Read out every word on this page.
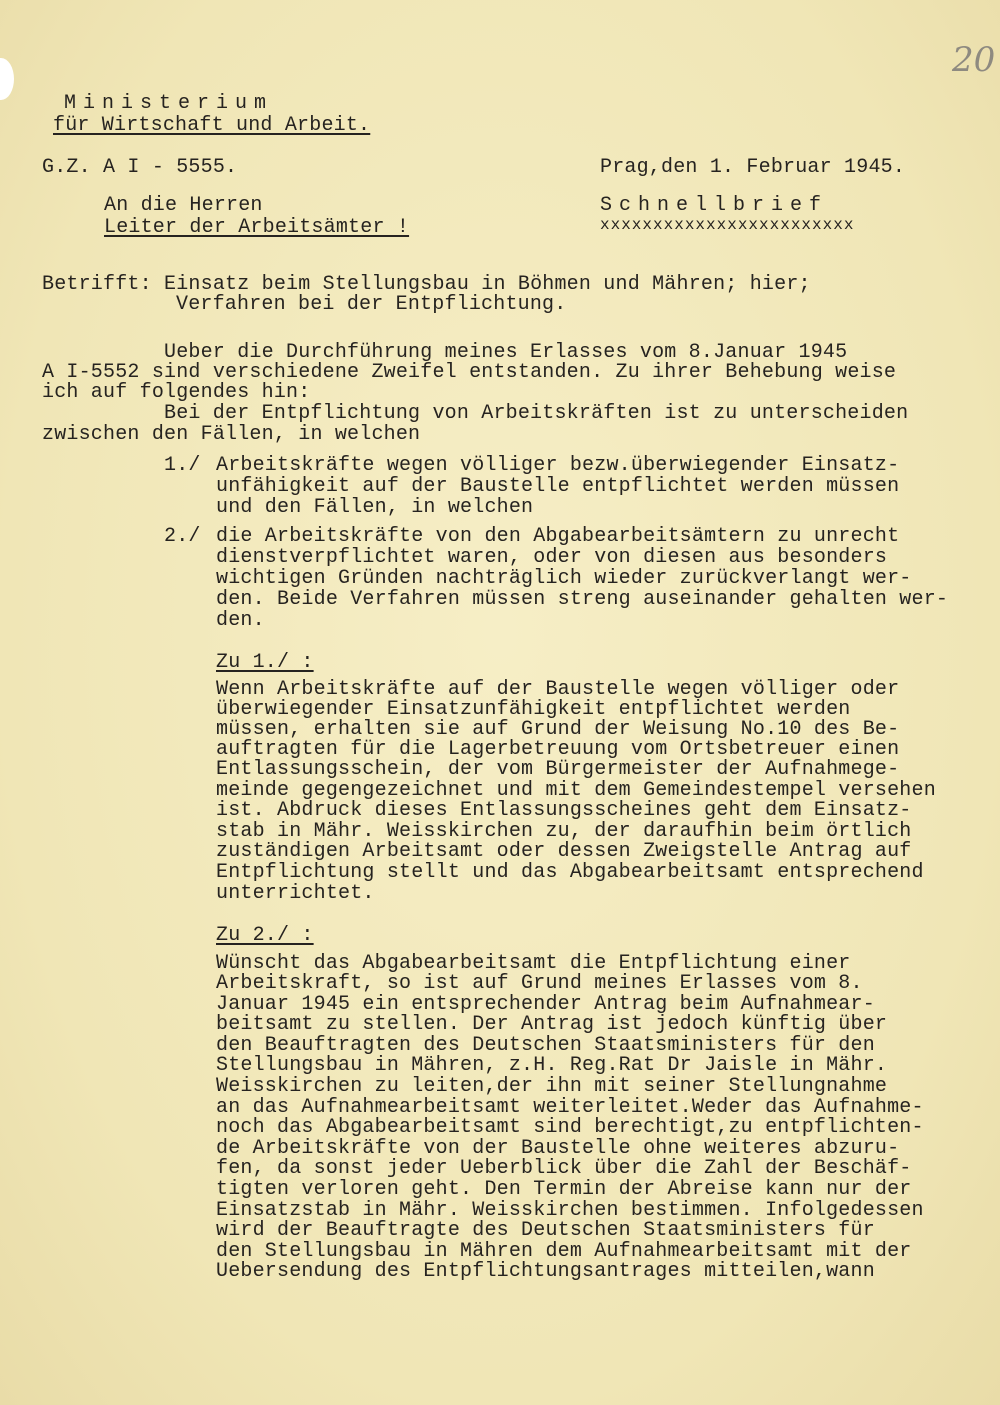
20
Ministerium
für Wirtschaft und Arbeit.
G.Z. A I - 5555.	Prag,den 1. Februar 1945.
An die Herren
Leiter der Arbeitsämter !
Schnellbrief
xxxxxxxxxxxxxxxxxxxxxxxx
Betrifft: Einsatz beim Stellungsbau in Böhmen und Mähren; hier;
Verfahren bei der Entpflichtung.
Ueber die Durchführung meines Erlasses vom 8.Januar 1945
A I-5552 sind verschiedene Zweifel entstanden. Zu ihrer Behebung weise
ich auf folgendes hin:
Bei der Entpflichtung von Arbeitskräften ist zu unterscheiden
zwischen den Fällen, in welchen
1./ Arbeitskräfte wegen völliger bezw.überwiegender Einsatz-
unfähigkeit auf der Baustelle entpflichtet werden müssen
und den Fällen, in welchen
2./ die Arbeitskräfte von den Abgabearbeitsämtern zu unrecht
dienstverpflichtet waren, oder von diesen aus besonders
wichtigen Gründen nachträglich wieder zurückverlangt wer-
den. Beide Verfahren müssen streng auseinander gehalten wer-
den.
Zu 1./ :
Wenn Arbeitskräfte auf der Baustelle wegen völliger oder
überwiegender Einsatzunfähigkeit entpflichtet werden
müssen, erhalten sie auf Grund der Weisung No.10 des Be-
auftragten für die Lagerbetreuung vom Ortsbetreuer einen
Entlassungsschein, der vom Bürgermeister der Aufnahmege-
meinde gegengezeichnet und mit dem Gemeindestempel versehen
ist. Abdruck dieses Entlassungsscheines geht dem Einsatz-
stab in Mähr. Weisskirchen zu, der daraufhin beim örtlich
zuständigen Arbeitsamt oder dessen Zweigstelle Antrag auf
Entpflichtung stellt und das Abgabearbeitsamt entsprechend
unterrichtet.
Zu 2./ :
Wünscht das Abgabearbeitsamt die Entpflichtung einer
Arbeitskraft, so ist auf Grund meines Erlasses vom 8.
Januar 1945 ein entsprechender Antrag beim Aufnahmear-
beitsamt zu stellen. Der Antrag ist jedoch künftig über
den Beauftragten des Deutschen Staatsministers für den
Stellungsbau in Mähren, z.H. Reg.Rat Dr Jaisle in Mähr.
Weisskirchen zu leiten,der ihn mit seiner Stellungnahme
an das Aufnahmearbeitsamt weiterleitet.Weder das Aufnahme-
noch das Abgabearbeitsamt sind berechtigt,zu entpflichten-
de Arbeitskräfte von der Baustelle ohne weiteres abzuru-
fen, da sonst jeder Ueberblick über die Zahl der Beschäf-
tigten verloren geht. Den Termin der Abreise kann nur der
Einsatzstab in Mähr. Weisskirchen bestimmen. Infolgedessen
wird der Beauftragte des Deutschen Staatsministers für
den Stellungsbau in Mähren dem Aufnahmearbeitsamt mit der
Uebersendung des Entpflichtungsantrages mitteilen,wann
